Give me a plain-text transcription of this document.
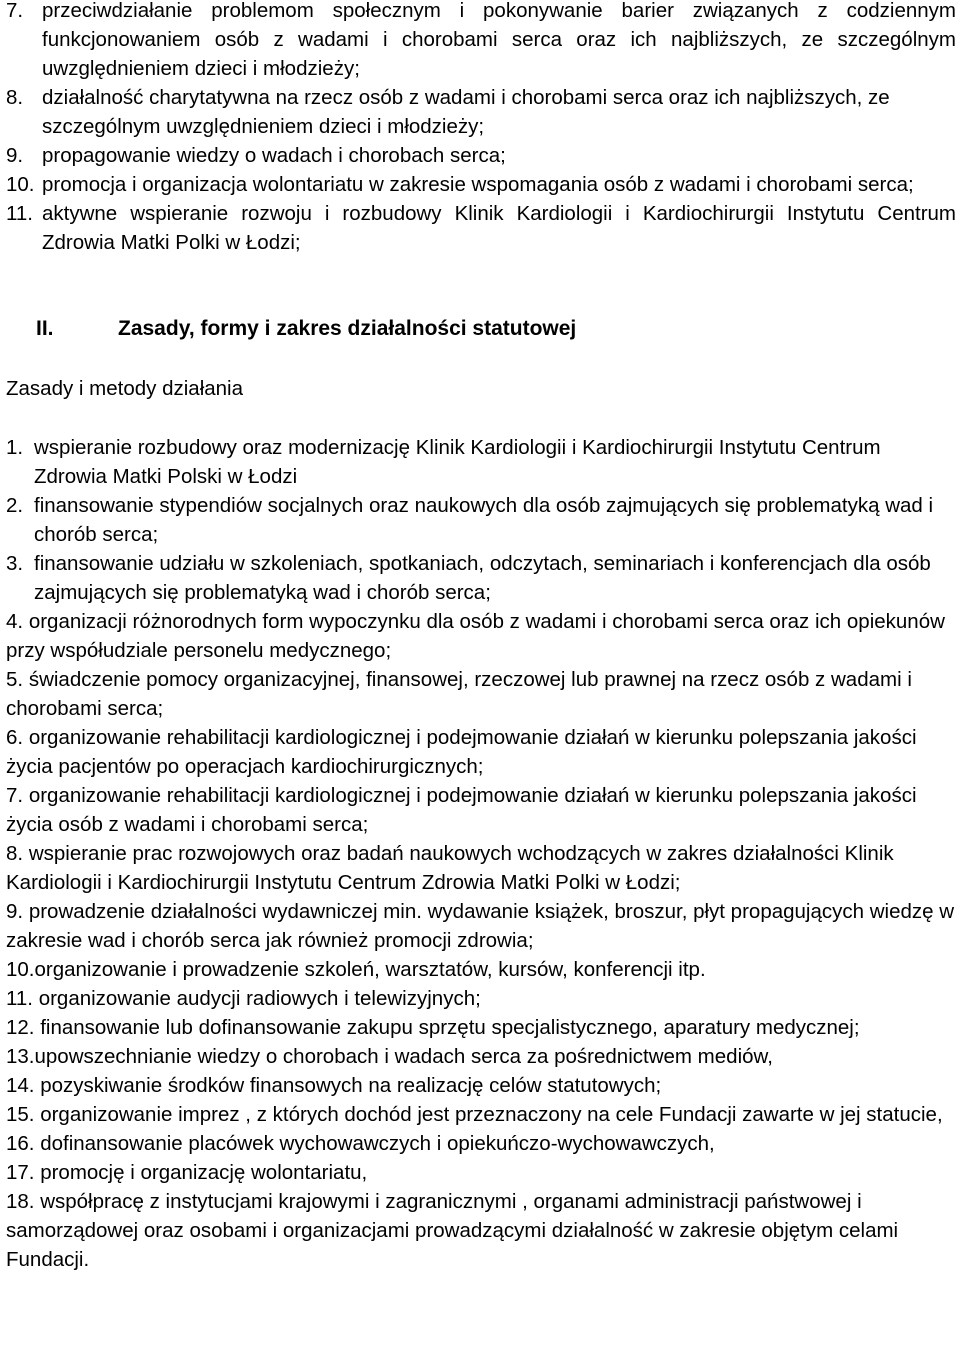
7. przeciwdziałanie problemom społecznym i pokonywanie barier związanych z codziennym funkcjonowaniem osób z wadami i chorobami serca oraz ich najbliższych, ze szczególnym uwzględnieniem dzieci i młodzieży;
8. działalność charytatywna na rzecz osób z wadami i chorobami serca oraz ich najbliższych, ze szczególnym uwzględnieniem dzieci i młodzieży;
9. propagowanie wiedzy o wadach i chorobach serca;
10. promocja i organizacja wolontariatu w zakresie wspomagania osób z wadami i chorobami serca;
11. aktywne wspieranie rozwoju i rozbudowy Klinik Kardiologii i Kardiochirurgii Instytutu Centrum Zdrowia Matki Polki w Łodzi;
II.	Zasady, formy i zakres działalności statutowej
Zasady i metody działania
1. wspieranie rozbudowy oraz modernizację Klinik Kardiologii i Kardiochirurgii Instytutu Centrum Zdrowia Matki Polski w Łodzi
2. finansowanie stypendiów socjalnych oraz naukowych dla osób zajmujących się problematyką wad i chorób serca;
3. finansowanie udziału w szkoleniach, spotkaniach, odczytach, seminariach i konferencjach dla osób zajmujących się problematyką wad i chorób serca;
4. organizacji różnorodnych form wypoczynku dla osób z wadami i chorobami serca oraz ich opiekunów przy współudziale personelu medycznego;
5. świadczenie pomocy organizacyjnej, finansowej, rzeczowej lub prawnej na rzecz osób z wadami i chorobami serca;
6. organizowanie rehabilitacji kardiologicznej i podejmowanie działań w kierunku polepszania jakości życia pacjentów po operacjach kardiochirurgicznych;
7. organizowanie rehabilitacji kardiologicznej i podejmowanie działań w kierunku polepszania jakości życia osób z wadami i chorobami serca;
8. wspieranie prac rozwojowych oraz badań naukowych wchodzących w zakres działalności Klinik Kardiologii i Kardiochirurgii Instytutu Centrum Zdrowia Matki Polki w Łodzi;
9. prowadzenie działalności wydawniczej min. wydawanie książek, broszur, płyt propagujących wiedzę w zakresie wad i chorób serca jak również promocji zdrowia;
10.organizowanie i prowadzenie szkoleń, warsztatów, kursów, konferencji itp.
11. organizowanie audycji radiowych i telewizyjnych;
12. finansowanie lub dofinansowanie zakupu sprzętu specjalistycznego, aparatury medycznej;
13.upowszechnianie wiedzy o chorobach i wadach serca za pośrednictwem mediów,
14. pozyskiwanie środków finansowych na realizację celów statutowych;
15. organizowanie imprez , z których dochód jest przeznaczony na cele Fundacji zawarte w jej statucie,
16. dofinansowanie placówek wychowawczych i opiekuńczo-wychowawczych,
17. promocję i organizację wolontariatu,
18. współpracę z instytucjami krajowymi i zagranicznymi , organami administracji państwowej i samorządowej oraz osobami i organizacjami prowadzącymi działalność w zakresie objętym celami Fundacji.
